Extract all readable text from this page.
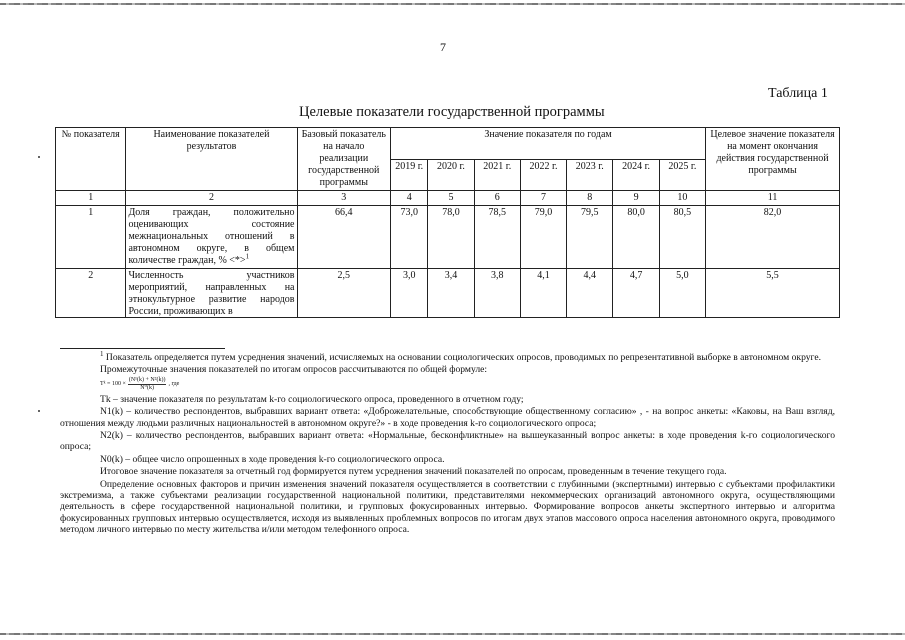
7
Таблица 1
Целевые показатели государственной программы
№ показателя	Наименование показателей результатов	Базовый показатель на начало реализации государственной программы	Значение показателя по годам							Целевое значение показателя на момент окончания действия государственной программы
			2019 г.	2020 г.	2021 г.	2022 г.	2023 г.	2024 г.	2025 г.	
1	2	3	4	5	6	7	8	9	10	11
1	Доля граждан, положительно оценивающих состояние межнациональных отношений в автономном округе, в общем количестве граждан, % <*>$^1$	66,4	73,0	78,0	78,5	79,0	79,5	80,0	80,5	82,0
2	Численность участников мероприятий, направленных на этнокультурное развитие народов России, проживающих в	2,5	3,0	3,4	3,8	4,1	4,4	4,7	5,0	5,5

$^1$ Показатель определяется путем усреднения значений, исчисляемых на основании социологических опросов, проводимых по репрезентативной выборке в автономном округе.

Промежуточные значения показателей по итогам опросов рассчитываются по общей формуле:

Tᵏ = $100 \times \frac{\text{(N¹(k) + N²(k))}}{\text{N⁰(k)}}$ , где

Tk – значение показателя по результатам k-го социологического опроса, проведенного в отчетном году;

N1(k) – количество респондентов, выбравших вариант ответа: «Доброжелательные, способствующие общественному согласию» , - на вопрос анкеты: «Каковы, на Ваш взгляд, отношения между людьми различных национальностей в автономном округе?» - в ходе проведения k-го социологического опроса;

N2(k) – количество респондентов, выбравших вариант ответа: «Нормальные, бесконфликтные» на вышеуказанный вопрос анкеты: в ходе проведения k-го социологического опроса;

N0(k) – общее число опрошенных в ходе проведения k-го социологического опроса.

Итоговое значение показателя за отчетный год формируется путем усреднения значений показателей по опросам, проведенным в течение текущего года.

Определение основных факторов и причин изменения значений показателя осуществляется в соответствии с глубинными (экспертными) интервью с субъектами профилактики экстремизма, а также субъектами реализации государственной национальной политики, представителями некоммерческих организаций автономного округа, осуществляющими деятельность в сфере государственной национальной политики, и групповых фокусированных интервью. Формирование вопросов анкеты экспертного интервью и алгоритма фокусированных групповых интервью осуществляется, исходя из выявленных проблемных вопросов по итогам двух этапов массового опроса населения автономного округа, проводимого методом личного интервью по месту жительства и/или методом телефонного опроса.
